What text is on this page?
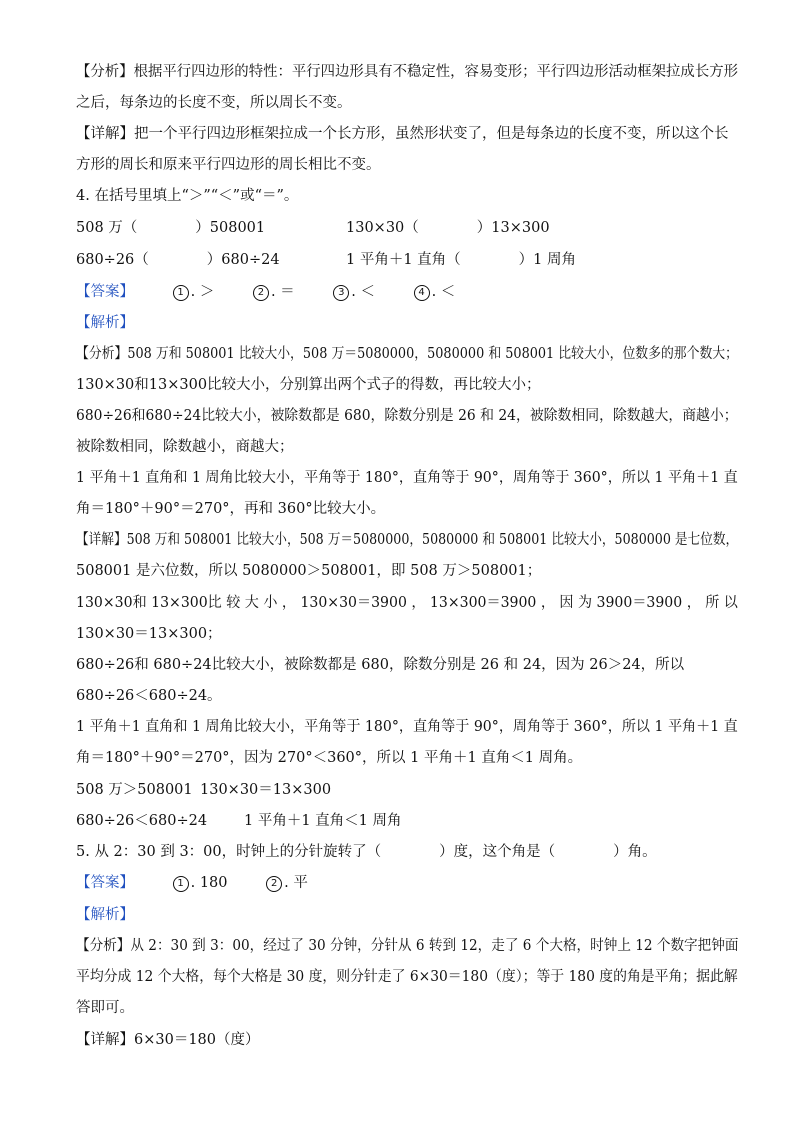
【分析】根据平行四边形的特性：平行四边形具有不稳定性，容易变形；平行四边形活动框架拉成长方形
之后，每条边的长度不变，所以周长不变。
【详解】把一个平行四边形框架拉成一个长方形，虽然形状变了，但是每条边的长度不变，所以这个长
方形的周长和原来平行四边形的周长相比不变。
4. 在括号里填上“＞”“＜”或“＝”。
508 万（　　　　）508001	130×30（　　　　）13×300
680÷26（　　　　）680÷24	1 平角＋1 直角（　　　　）1 周角
【答案】	1 . ＞	2 . ＝	3 . ＜	4 . ＜
【解析】
【分析】508 万和 508001 比较大小，508 万＝5080000，5080000 和 508001 比较大小，位数多的那个数大；
130×30和13×300比较大小，分别算出两个式子的得数，再比较大小；
680÷26和680÷24比较大小，被除数都是 680，除数分别是 26 和 24，被除数相同，除数越大，商越小；
被除数相同，除数越小，商越大；
1 平角＋1 直角和 1 周角比较大小，平角等于 180°，直角等于 90°，周角等于 360°，所以 1 平角＋1 直
角＝180°＋90°＝270°，再和 360°比较大小。
【详解】508 万和 508001 比较大小，508 万＝5080000，5080000 和 508001 比较大小，5080000 是七位数，
508001 是六位数，所以 5080000＞508001，即 508 万＞508001；
130×30和 13×300比 较 大 小 ， 130×30＝3900 ， 13×300＝3900 ， 因 为 3900＝3900 ， 所 以
130×30＝13×300；
680÷26和 680÷24比较大小，被除数都是 680，除数分别是 26 和 24，因为 26＞24，所以
680÷26＜680÷24。
1 平角＋1 直角和 1 周角比较大小，平角等于 180°，直角等于 90°，周角等于 360°，所以 1 平角＋1 直
角＝180°＋90°＝270°，因为 270°＜360°，所以 1 平角＋1 直角＜1 周角。
508 万＞508001 130×30＝13×300
680÷26＜680÷24	1 平角＋1 直角＜1 周角
5. 从 2：30 到 3：00，时钟上的分针旋转了（　　　　）度，这个角是（　　　　）角。
【答案】	1 . 180	2 . 平
【解析】
【分析】从 2：30 到 3：00，经过了 30 分钟，分针从 6 转到 12，走了 6 个大格，时钟上 12 个数字把钟面
平均分成 12 个大格，每个大格是 30 度，则分针走了 6×30＝180（度）；等于 180 度的角是平角；据此解
答即可。
【详解】6×30＝180（度）
